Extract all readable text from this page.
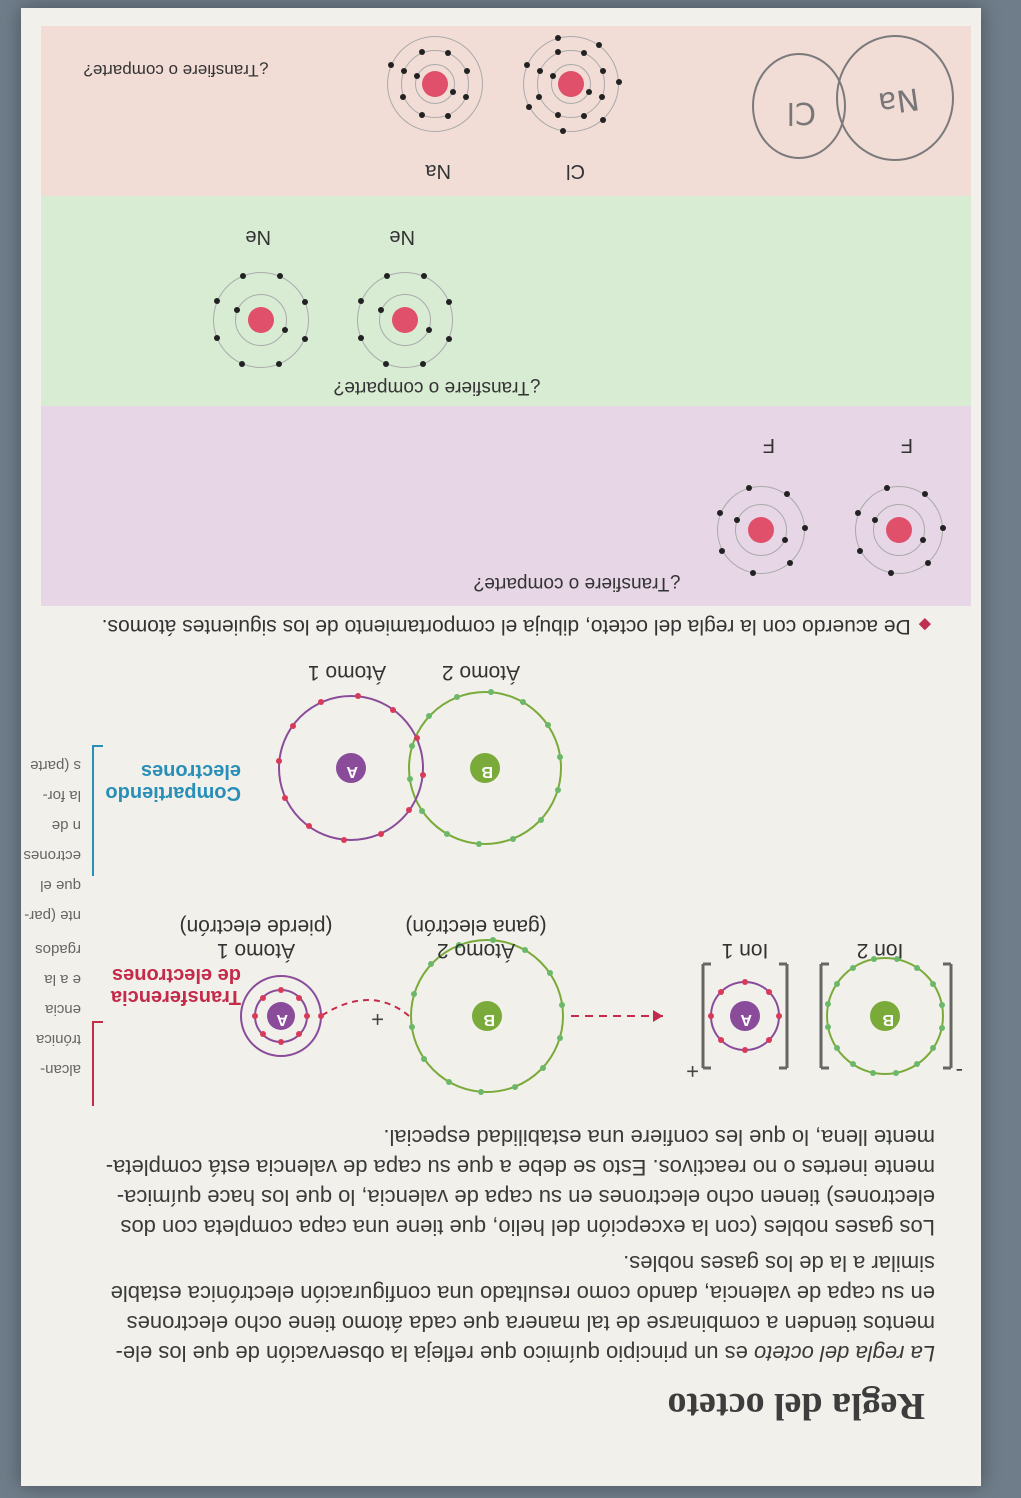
Regla del octeto
La regla del octeto es un principio químico que refleja la observación de que los ele-
mentos tienden a combinarse de tal manera que cada átomo tiene ocho electrones
en su capa de valencia, dando como resultado una configuración electrónica estable
similar a la de los gases nobles.
Los gases nobles (con la excepción del helio, que tiene una capa completa con dos
electrones) tienen ocho electrones en su capa de valencia, lo que los hace química-
mente inertes o no reactivos. Esto se debe a que su capa de valencia está completa-
mente llena, lo que les confiere una estabilidad especial.
alcan-
trónica
encia
e a la
rgados
nte (par-
que el
ectrones
n de
la for-
s (parte
B
A
B
A
+	-
+
Transferencia
de electrones
Ion 2
Ion 1
Átomo 2
(gana electrón)
Átomo 1
(pierde electrón)
B
A
Compartiendo
electrones
Átomo 2
Átomo 1
◆De acuerdo con la regla del octeto, dibuja el comportamiento de los siguientes átomos.
¿Transfiere o comparte?
F
F
¿Transfiere o comparte?
Ne
Ne
Na
Cl
¿Transfiere o comparte?
Cl
Na
